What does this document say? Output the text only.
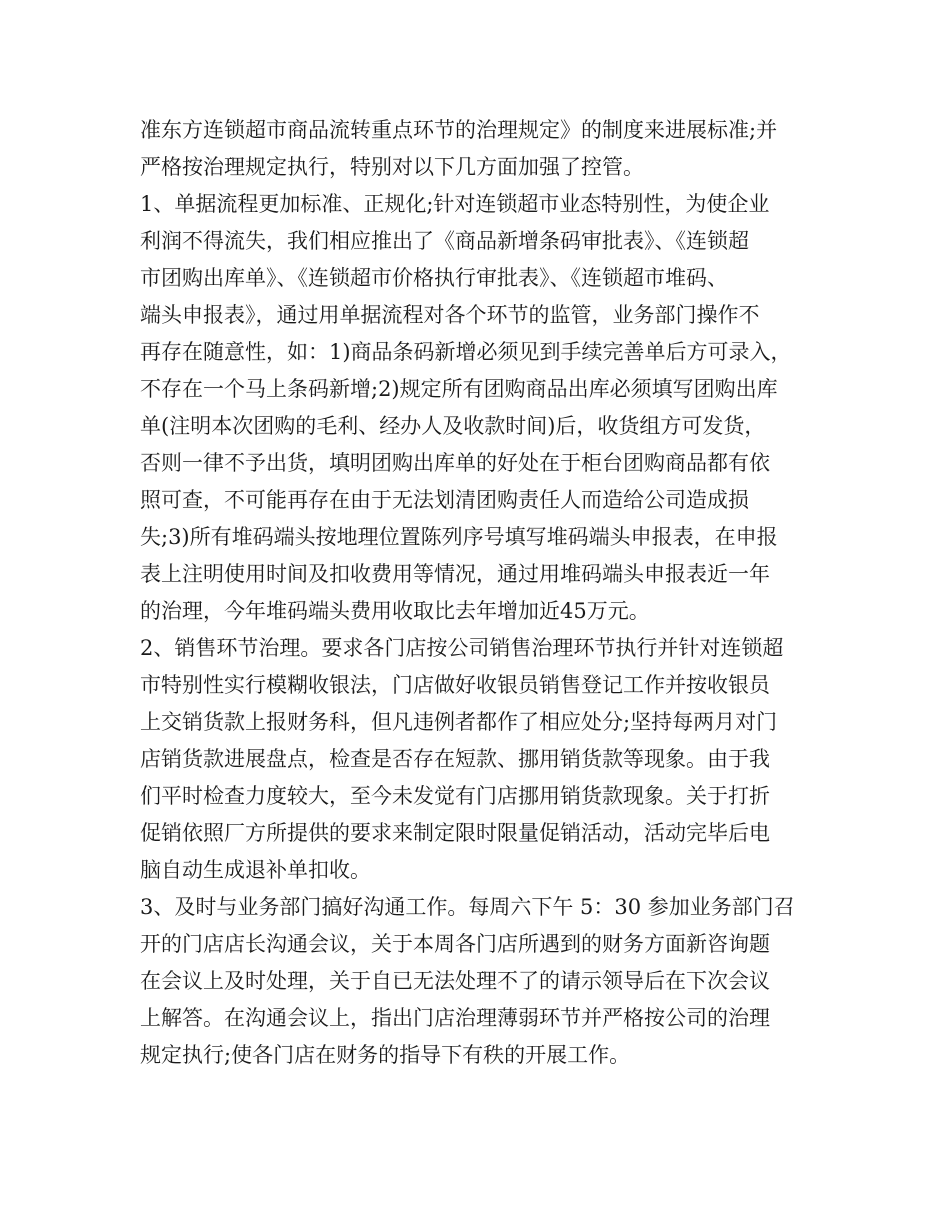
准东方连锁超市商品流转重点环节的治理规定》的制度来进展标准;并
严格按治理规定执行，特别对以下几方面加强了控管。
1、单据流程更加标准、正规化;针对连锁超市业态特别性，为使企业
利润不得流失，我们相应推出了《商品新增条码审批表》、《连锁超
市团购出库单》、《连锁超市价格执行审批表》、《连锁超市堆码、
端头申报表》，通过用单据流程对各个环节的监管，业务部门操作不
再存在随意性，如：1)商品条码新增必须见到手续完善单后方可录入，
不存在一个马上条码新增;2)规定所有团购商品出库必须填写团购出库
单(注明本次团购的毛利、经办人及收款时间)后，收货组方可发货，
否则一律不予出货，填明团购出库单的好处在于柜台团购商品都有依
照可查，不可能再存在由于无法划清团购责任人而造给公司造成损
失;3)所有堆码端头按地理位置陈列序号填写堆码端头申报表，在申报
表上注明使用时间及扣收费用等情况，通过用堆码端头申报表近一年
的治理，今年堆码端头费用收取比去年增加近45万元。
2、销售环节治理。要求各门店按公司销售治理环节执行并针对连锁超
市特别性实行模糊收银法，门店做好收银员销售登记工作并按收银员
上交销货款上报财务科，但凡违例者都作了相应处分;坚持每两月对门
店销货款进展盘点，检查是否存在短款、挪用销货款等现象。由于我
们平时检查力度较大，至今未发觉有门店挪用销货款现象。关于打折
促销依照厂方所提供的要求来制定限时限量促销活动，活动完毕后电
脑自动生成退补单扣收。
3、及时与业务部门搞好沟通工作。每周六下午 5：30 参加业务部门召
开的门店店长沟通会议，关于本周各门店所遇到的财务方面新咨询题
在会议上及时处理，关于自已无法处理不了的请示领导后在下次会议
上解答。在沟通会议上，指出门店治理薄弱环节并严格按公司的治理
规定执行;使各门店在财务的指导下有秩的开展工作。
